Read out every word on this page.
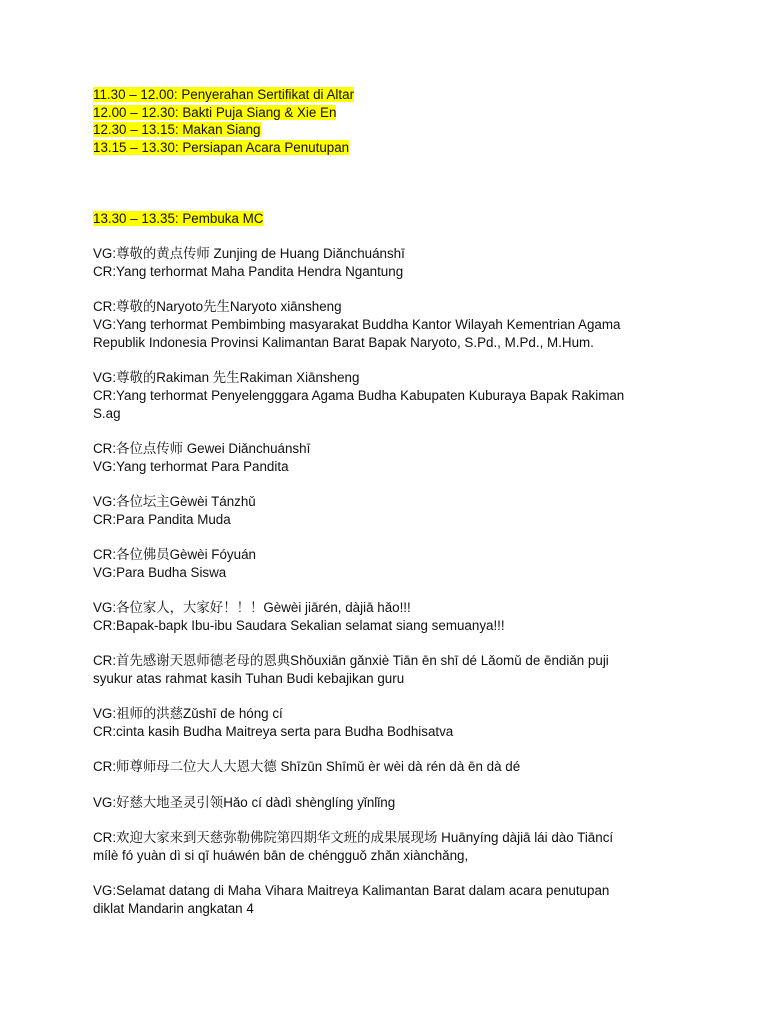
11.30 – 12.00: Penyerahan Sertifikat di Altar
12.00 – 12.30: Bakti Puja Siang & Xie En
12.30 – 13.15: Makan Siang
13.15 – 13.30: Persiapan Acara Penutupan
13.30 – 13.35: Pembuka MC
VG:尊敬的黄点传师 Zunjing de Huang Diǎnchuánshī
CR:Yang terhormat Maha Pandita Hendra Ngantung
CR:尊敬的Naryoto先生Naryoto xiānsheng
VG:Yang terhormat Pembimbing masyarakat Buddha Kantor Wilayah Kementrian Agama
Republik Indonesia Provinsi Kalimantan Barat Bapak Naryoto, S.Pd., M.Pd., M.Hum.
VG:尊敬的Rakiman 先生Rakiman Xiānsheng
CR:Yang terhormat Penyelengggara Agama Budha Kabupaten Kuburaya Bapak Rakiman
S.ag
CR:各位点传师 Gewei Diǎnchuánshī
VG:Yang terhormat Para Pandita
VG:各位坛主Gèwèi Tánzhǔ
CR:Para Pandita Muda
CR:各位佛员Gèwèi Fóyuán
VG:Para Budha Siswa
VG:各位家人，大家好！！！Gèwèi jiārén, dàjiā hǎo!!!
CR:Bapak-bapk Ibu-ibu Saudara Sekalian selamat siang semuanya!!!
CR:首先感谢天恩师德老母的恩典Shǒuxiān gǎnxiè Tiān ēn shī dé Lǎomǔ de ēndiǎn puji
syukur atas rahmat kasih Tuhan Budi kebajikan guru
VG:祖师的洪慈Zǔshī de hóng cí
CR:cinta kasih Budha Maitreya serta para Budha Bodhisatva
CR:师尊师母二位大人大恩大德 Shīzūn Shīmǔ èr wèi dà rén dà ēn dà dé
VG:好慈大地圣灵引领Hǎo cí dàdì shènglíng yǐnlǐng
CR:欢迎大家来到天慈弥勒佛院第四期华文班的成果展现场 Huānyíng dàjiā lái dào Tiāncí
mílè fó yuàn dì si qī huáwén bān de chéngguǒ zhǎn xiànchǎng,
VG:Selamat datang di Maha Vihara Maitreya Kalimantan Barat dalam acara penutupan
diklat Mandarin angkatan 4
